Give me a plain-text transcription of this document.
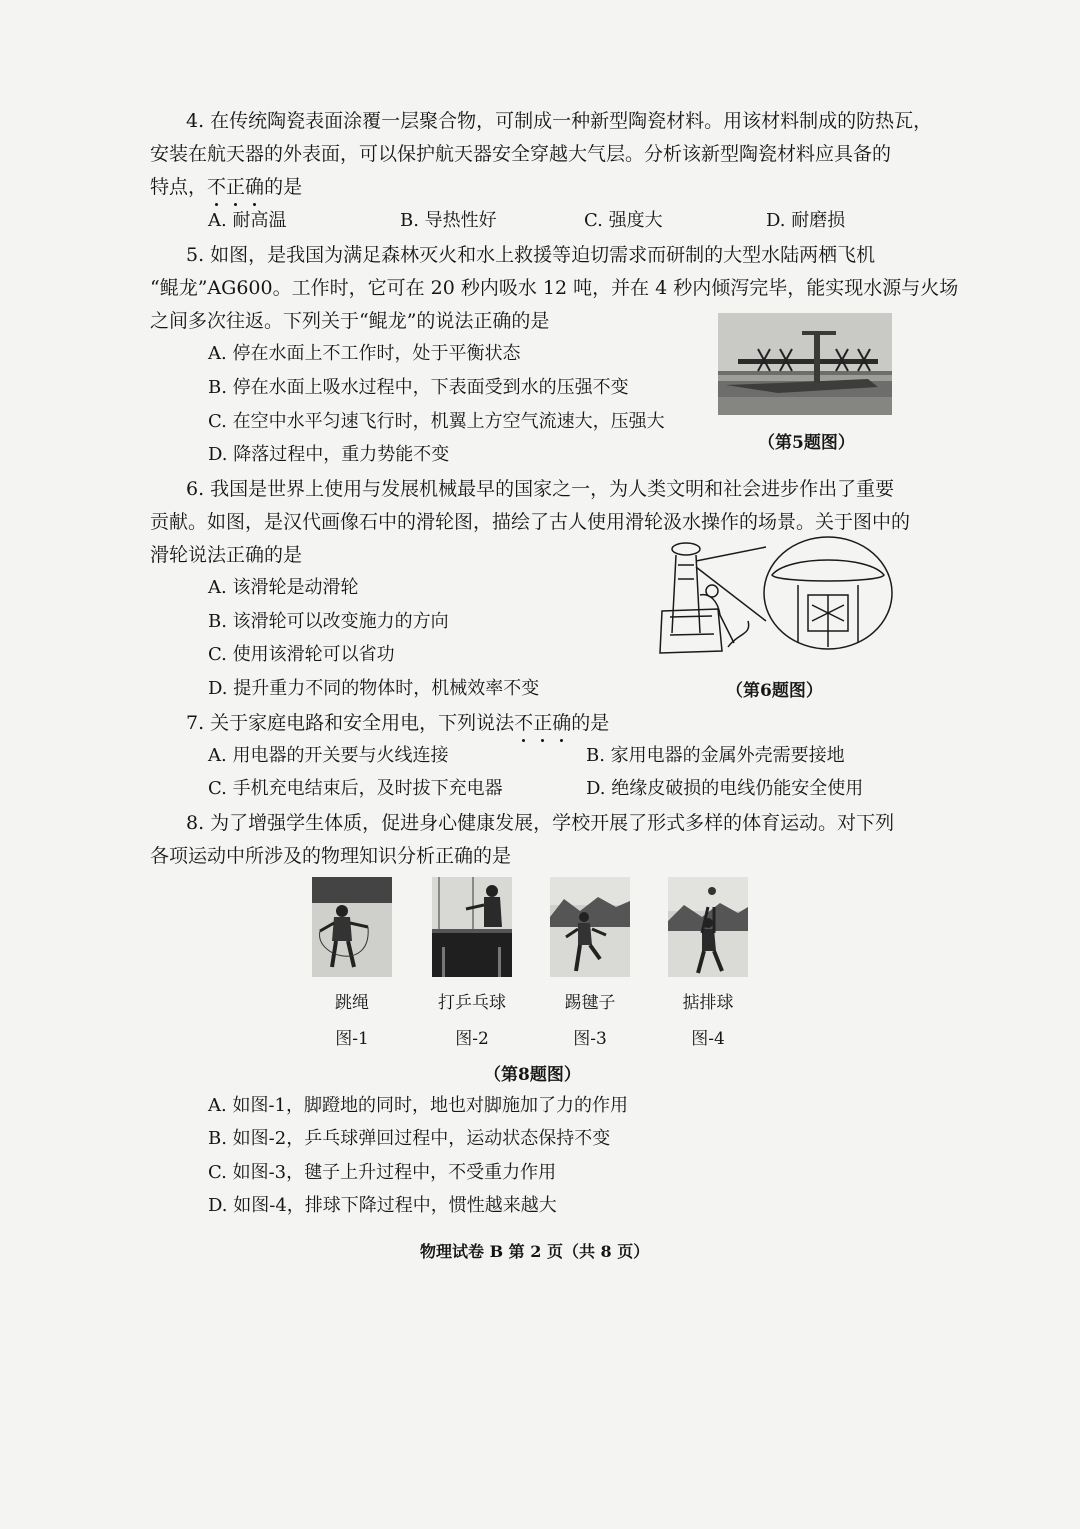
4. 在传统陶瓷表面涂覆一层聚合物，可制成一种新型陶瓷材料。用该材料制成的防热瓦，
安装在航天器的外表面，可以保护航天器安全穿越大气层。分析该新型陶瓷材料应具备的
特点，不正确的是
A. 耐高温	B. 导热性好	C. 强度大	D. 耐磨损
5. 如图，是我国为满足森林灭火和水上救援等迫切需求而研制的大型水陆两栖飞机
“鲲龙”AG600。工作时，它可在 20 秒内吸水 12 吨，并在 4 秒内倾泻完毕，能实现水源与火场
之间多次往返。下列关于“鲲龙”的说法正确的是
A. 停在水面上不工作时，处于平衡状态
B. 停在水面上吸水过程中，下表面受到水的压强不变
C. 在空中水平匀速飞行时，机翼上方空气流速大，压强大
D. 降落过程中，重力势能不变
（第5题图）
6. 我国是世界上使用与发展机械最早的国家之一，为人类文明和社会进步作出了重要
贡献。如图，是汉代画像石中的滑轮图，描绘了古人使用滑轮汲水操作的场景。关于图中的
滑轮说法正确的是
A. 该滑轮是动滑轮
B. 该滑轮可以改变施力的方向
C. 使用该滑轮可以省功
D. 提升重力不同的物体时，机械效率不变	（第6题图）
7. 关于家庭电路和安全用电，下列说法不正确的是
A. 用电器的开关要与火线连接	B. 家用电器的金属外壳需要接地
C. 手机充电结束后，及时拔下充电器	D. 绝缘皮破损的电线仍能安全使用
8. 为了增强学生体质，促进身心健康发展，学校开展了形式多样的体育运动。对下列
各项运动中所涉及的物理知识分析正确的是
跳绳	打乒乓球	踢毽子	掂排球
图-1	图-2	图-3	图-4
（第8题图）
A. 如图-1，脚蹬地的同时，地也对脚施加了力的作用
B. 如图-2，乒乓球弹回过程中，运动状态保持不变
C. 如图-3，毽子上升过程中，不受重力作用
D. 如图-4，排球下降过程中，惯性越来越大
物理试卷 B 第 2 页（共 8 页）
